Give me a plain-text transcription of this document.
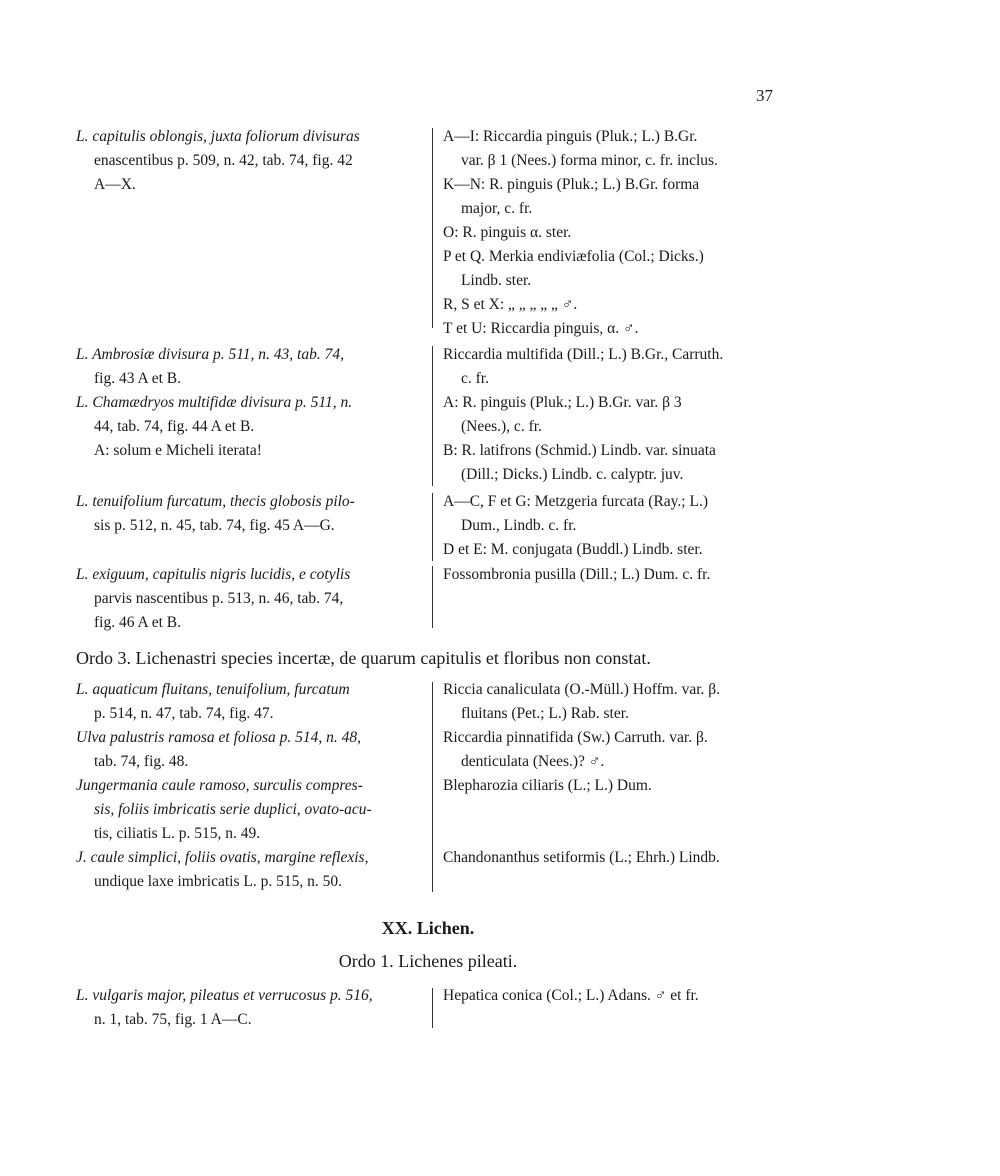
37
L. capitulis oblongis, juxta foliorum divisuras
enascentibus p. 509, n. 42, tab. 74, fig. 42
A—X.
A—I: Riccardia pinguis (Pluk.; L.) B.Gr.
var. β 1 (Nees.) forma minor, c. fr. inclus.
K—N: R. pinguis (Pluk.; L.) B.Gr. forma
major, c. fr.
O: R. pinguis α. ster.
P et Q. Merkia endiviæfolia (Col.; Dicks.)
Lindb. ster.
R, S et X: „ „ „ „ „ ♂.
T et U: Riccardia pinguis, α. ♂.
L. Ambrosiæ divisura p. 511, n. 43, tab. 74,
fig. 43 A et B.
L. Chamædryos multifidæ divisura p. 511, n.
44, tab. 74, fig. 44 A et B.
A: solum e Micheli iterata!
Riccardia multifida (Dill.; L.) B.Gr., Carruth.
c. fr.
A: R. pinguis (Pluk.; L.) B.Gr. var. β 3
(Nees.), c. fr.
B: R. latifrons (Schmid.) Lindb. var. sinuata
(Dill.; Dicks.) Lindb. c. calyptr. juv.
L. tenuifolium furcatum, thecis globosis pilo-
sis p. 512, n. 45, tab. 74, fig. 45 A—G.
A—C, F et G: Metzgeria furcata (Ray.; L.)
Dum., Lindb. c. fr.
D et E: M. conjugata (Buddl.) Lindb. ster.
L. exiguum, capitulis nigris lucidis, e cotylis
parvis nascentibus p. 513, n. 46, tab. 74,
fig. 46 A et B.
Fossombronia pusilla (Dill.; L.) Dum. c. fr.
Ordo 3. Lichenastri species incertæ, de quarum capitulis et floribus non constat.
L. aquaticum fluitans, tenuifolium, furcatum
p. 514, n. 47, tab. 74, fig. 47.
Ulva palustris ramosa et foliosa p. 514, n. 48,
tab. 74, fig. 48.
Jungermania caule ramoso, surculis compres-
sis, foliis imbricatis serie duplici, ovato-acu-
tis, ciliatis L. p. 515, n. 49.
J. caule simplici, foliis ovatis, margine reflexis,
undique laxe imbricatis L. p. 515, n. 50.
Riccia canaliculata (O.-Müll.) Hoffm. var. β.
fluitans (Pet.; L.) Rab. ster.
Riccardia pinnatifida (Sw.) Carruth. var. β.
denticulata (Nees.)? ♂.
Blepharozia ciliaris (L.; L.) Dum.
Chandonanthus setiformis (L.; Ehrh.) Lindb.
XX. Lichen.
Ordo 1. Lichenes pileati.
L. vulgaris major, pileatus et verrucosus p. 516,
n. 1, tab. 75, fig. 1 A—C.
Hepatica conica (Col.; L.) Adans. ♂ et fr.
